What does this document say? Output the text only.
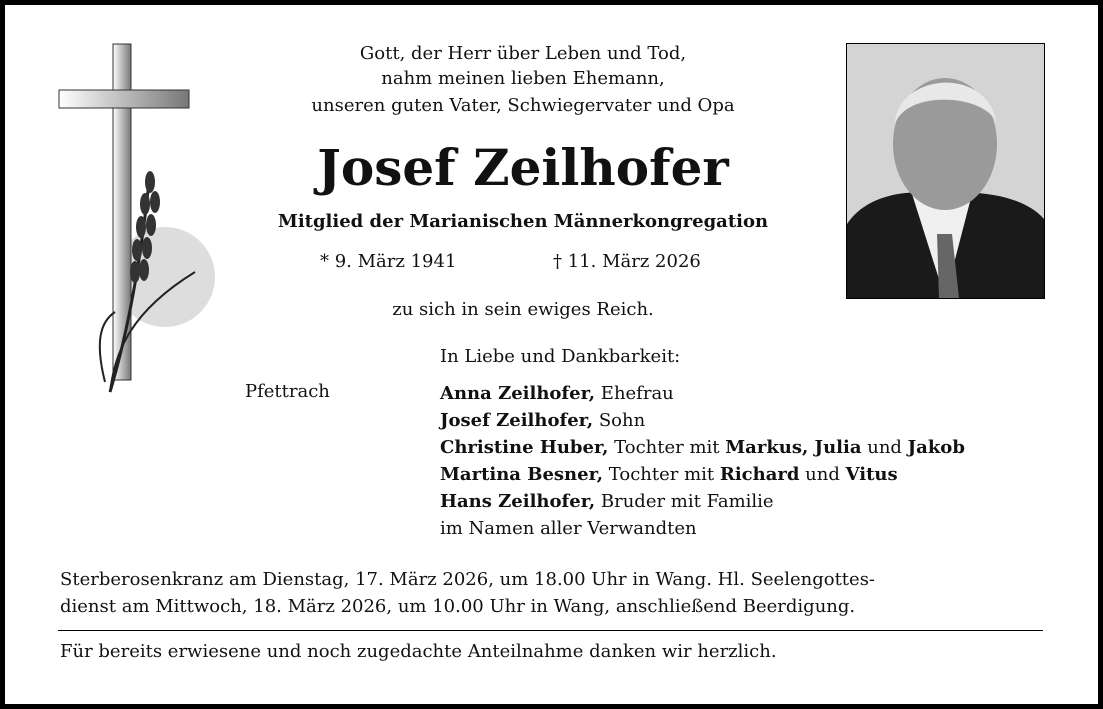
Gott, der Herr über Leben und Tod,
nahm meinen lieben Ehemann,
unseren guten Vater, Schwiegervater und Opa
Josef Zeilhofer
Mitglied der Marianischen Männerkongregation
* 9. März 1941	† 11. März 2026
zu sich in sein ewiges Reich.
In Liebe und Dankbarkeit:
Pfettrach	Anna Zeilhofer, Ehefrau
Josef Zeilhofer, Sohn
Christine Huber, Tochter mit Markus, Julia und Jakob
Martina Besner, Tochter mit Richard und Vitus
Hans Zeilhofer, Bruder mit Familie
im Namen aller Verwandten
Sterberosenkranz am Dienstag, 17. März 2026, um 18.00 Uhr in Wang. Hl. Seelengottes-
dienst am Mittwoch, 18. März 2026, um 10.00 Uhr in Wang, anschließend Beerdigung.
Für bereits erwiesene und noch zugedachte Anteilnahme danken wir herzlich.
